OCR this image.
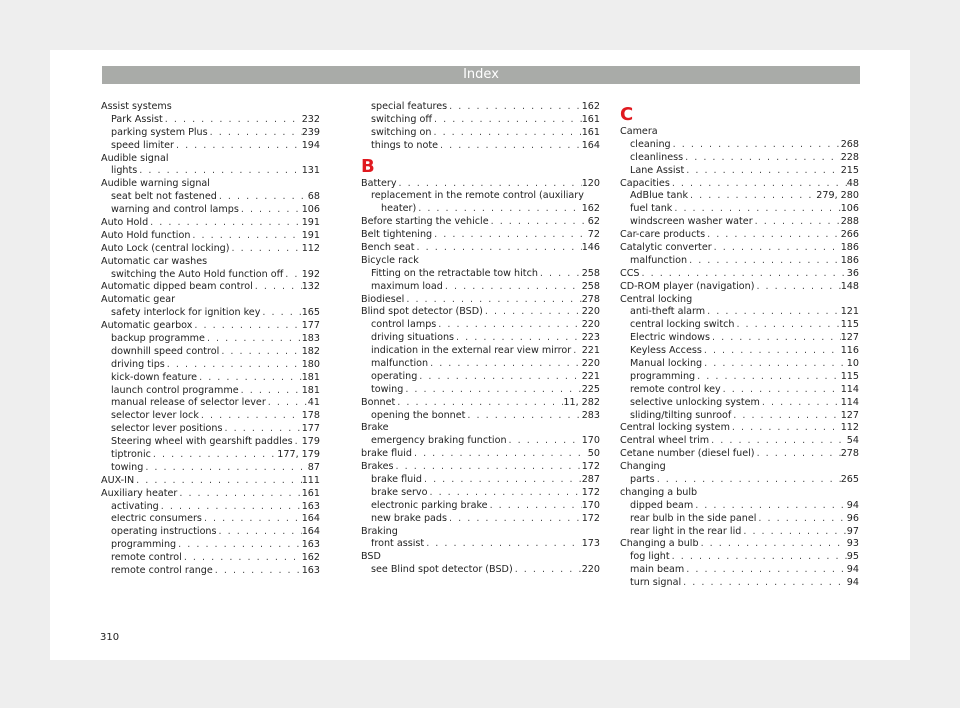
Index
Assist systems
Park Assist . . .	232
parking system Plus . . .	239
speed limiter . . .	194
Audible signal
lights . . .	131
Audible warning signal
seat belt not fastened . . .	68
warning and control lamps . . .	106
Auto Hold . . .	191
Auto Hold function . . .	191
Auto Lock (central locking) . . .	112
Automatic car washes
switching the Auto Hold function off . . . 192
Automatic dipped beam control . . .	132
Automatic gear
safety interlock for ignition key . . .	165
Automatic gearbox . . .	177
backup programme . . .	183
downhill speed control . . .	182
driving tips . . .	180
kick-down feature . . .	181
launch control programme . . .	181
manual release of selector lever . . .	41
selector lever lock . . .	178
selector lever positions . . .	177
Steering wheel with gearshift paddles . . . 179
tiptronic . . .	177, 179
towing . . .	87
AUX-IN . . .	111
Auxiliary heater . . .	161
activating . . .	163
electric consumers . . .	164
operating instructions . . .	164
programming . . .	163
remote control . . .	162
remote control range . . .	163
special features . . .	162
switching off . . .	161
switching on . . .	161
things to note . . .	164
B
Battery . . .	120
replacement in the remote control (auxiliary
heater) . . .	162
Before starting the vehicle . . .	62
Belt tightening . . .	72
Bench seat . . .	146
Bicycle rack
Fitting on the retractable tow hitch . . .	258
maximum load . . .	258
Biodiesel . . .	278
Blind spot detector (BSD) . . .	220
control lamps . . .	220
driving situations . . .	223
indication in the external rear view mirror . . . 221
malfunction . . .	220
operating . . .	221
towing . . .	225
Bonnet . . .	11, 282
opening the bonnet . . .	283
Brake
emergency braking function . . .	170
brake fluid . . .	50
Brakes . . .	172
brake fluid . . .	287
brake servo . . .	172
electronic parking brake . . .	170
new brake pads . . .	172
Braking
front assist . . .	173
BSD
see Blind spot detector (BSD) . . .	220
C
Camera
cleaning . . .	268
cleanliness . . .	228
Lane Assist . . .	215
Capacities . . .	48
AdBlue tank . . .	279, 280
fuel tank . . .	106
windscreen washer water . . .	288
Car-care products . . .	266
Catalytic converter . . .	186
malfunction . . .	186
CCS . . .	36
CD-ROM player (navigation) . . .	148
Central locking
anti-theft alarm . . .	121
central locking switch . . .	115
Electric windows . . .	127
Keyless Access . . .	116
Manual locking . . .	10
programming . . .	115
remote control key . . .	114
selective unlocking system . . .	114
sliding/tilting sunroof . . .	127
Central locking system . . .	112
Central wheel trim . . .	54
Cetane number (diesel fuel) . . .	278
Changing
parts . . .	265
changing a bulb
dipped beam . . .	94
rear bulb in the side panel . . .	96
rear light in the rear lid . . .	97
Changing a bulb . . .	93
fog light . . .	95
main beam . . .	94
turn signal . . .	94
310
